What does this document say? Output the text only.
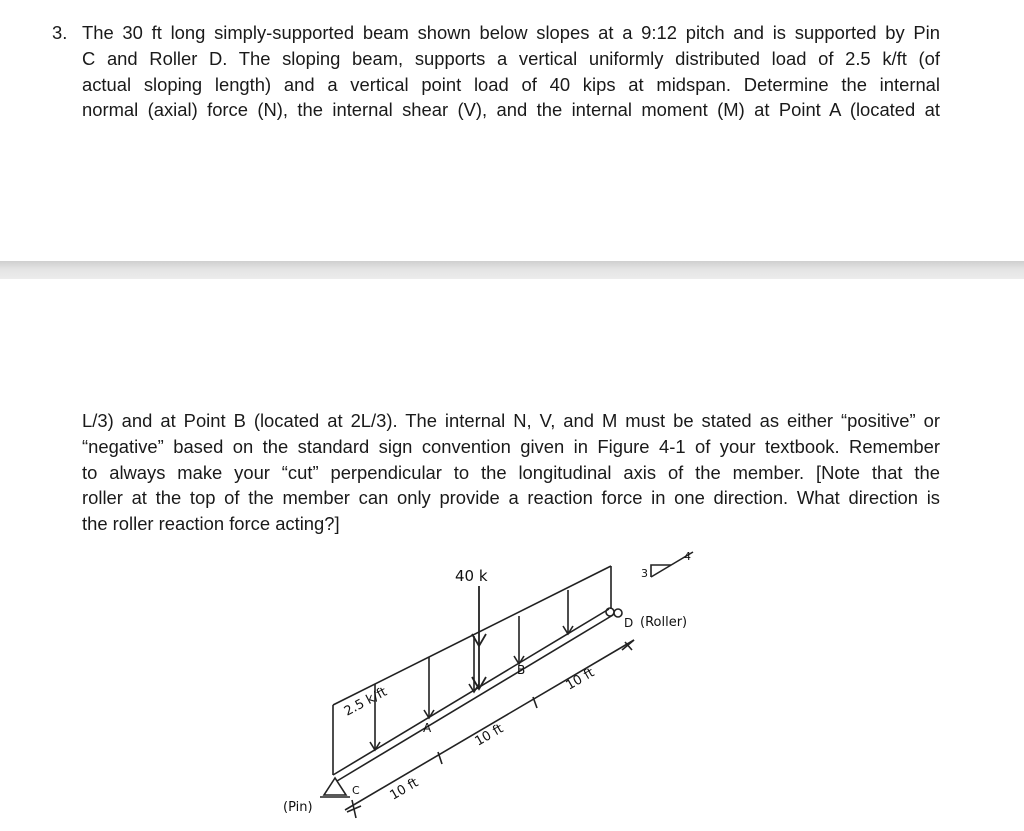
3. The 30 ft long simply-supported beam shown below slopes at a 9:12 pitch and is supported by Pin
C and Roller D. The sloping beam, supports a vertical uniformly distributed load of 2.5 k/ft (of
actual sloping length) and a vertical point load of 40 kips at midspan. Determine the internal
normal (axial) force (N), the internal shear (V), and the internal moment (M) at Point A (located at
L/3) and at Point B (located at 2L/3). The internal N, V, and M must be stated as either “positive” or
“negative” based on the standard sign convention given in Figure 4-1 of your textbook. Remember
to always make your “cut” perpendicular to the longitudinal axis of the member. [Note that the
roller at the top of the member can only provide a reaction force in one direction. What direction is
the roller reaction force acting?]
40 k
2.5 k/ft
3
4
D (Roller)
C
(Pin)
A
B
10 ft
10 ft
10 ft
